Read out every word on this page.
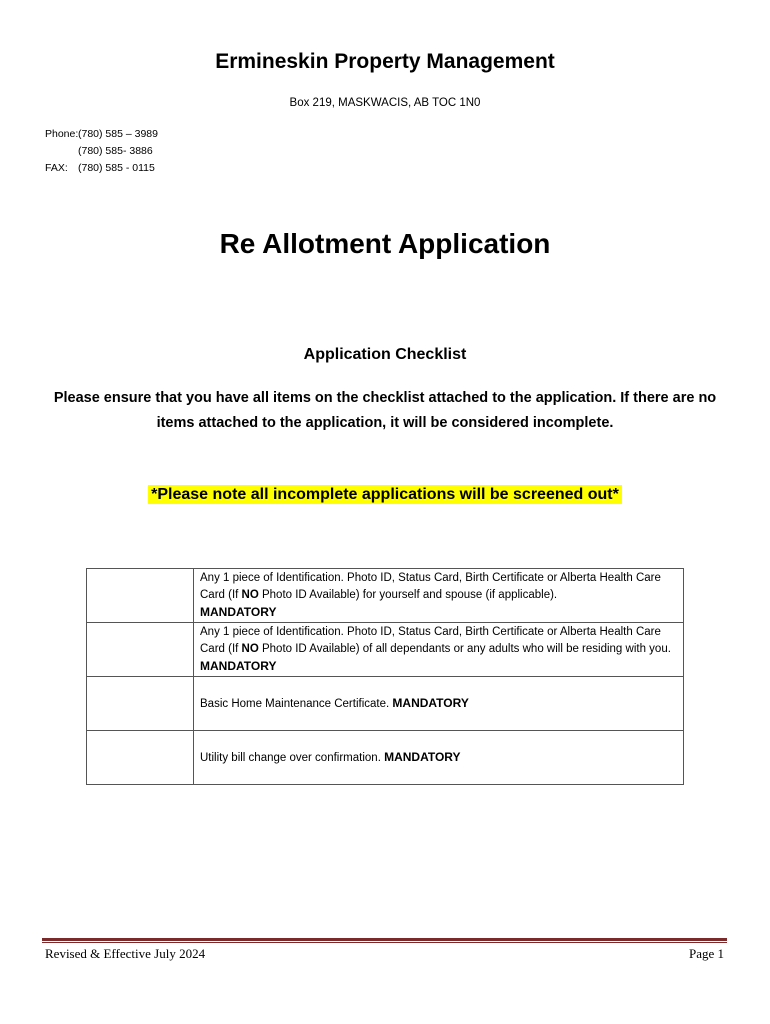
Ermineskin Property Management
Box 219, MASKWACIS, AB TOC 1N0
Phone:(780) 585 – 3989
(780) 585- 3886
FAX: (780) 585 - 0115
Re Allotment Application
Application Checklist
Please ensure that you have all items on the checklist attached to the application. If there are no items attached to the application, it will be considered incomplete.
*Please note all incomplete applications will be screened out*
	Any 1 piece of Identification. Photo ID, Status Card, Birth Certificate or Alberta Health Care Card (If NO Photo ID Available) for yourself and spouse (if applicable).
MANDATORY
	Any 1 piece of Identification. Photo ID, Status Card, Birth Certificate or Alberta Health Care Card (If NO Photo ID Available) of all dependants or any adults who will be residing with you. MANDATORY
	Basic Home Maintenance Certificate. MANDATORY
	Utility bill change over confirmation. MANDATORY
Revised & Effective July 2024	Page 1
